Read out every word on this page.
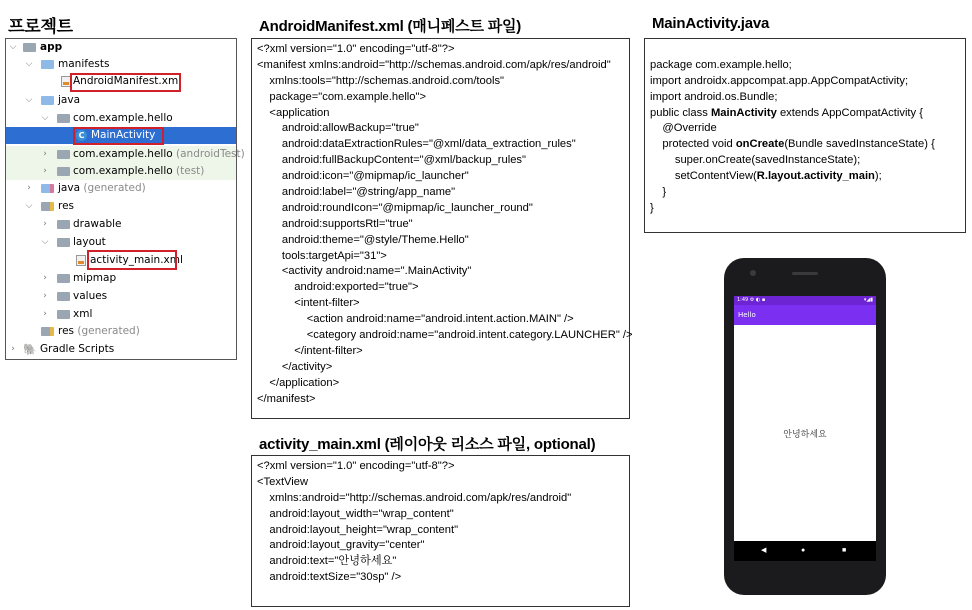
프로젝트	AndroidManifest.xml (매니페스트 파일)
activity_main.xml (레이아웃 리소스 파일, optional)
MainActivity.java
⌵ app
⌵ manifests
AndroidManifest.xml
⌵ java
⌵ com.example.hello
C MainActivity
› com.example.hello (androidTest)
› com.example.hello (test)
›	java (generated)
⌵ res
› drawable
⌵ layout
activity_main.xml
› mipmap
› values
› xml
res (generated)
› 🐘 Gradle Scripts
<?xml version="1.0" encoding="utf-8"?>
<manifest xmlns:android="http://schemas.android.com/apk/res/android"
xmlns:tools="http://schemas.android.com/tools"
package="com.example.hello">
<application
android:allowBackup="true"
android:dataExtractionRules="@xml/data_extraction_rules"
android:fullBackupContent="@xml/backup_rules"
android:icon="@mipmap/ic_launcher"
android:label="@string/app_name"
android:roundIcon="@mipmap/ic_launcher_round"
android:supportsRtl="true"
android:theme="@style/Theme.Hello"
tools:targetApi="31">
<activity android:name=".MainActivity"
android:exported="true">
<intent-filter>
<action android:name="android.intent.action.MAIN" />
<category android:name="android.intent.category.LAUNCHER" />
</intent-filter>
</activity>
</application>
</manifest>
<?xml version="1.0" encoding="utf-8"?>
<TextView
xmlns:android="http://schemas.android.com/apk/res/android"
android:layout_width="wrap_content"
android:layout_height="wrap_content"
android:layout_gravity="center"
android:text="안녕하세요"
android:textSize="30sp" />

package com.example.hello;
import androidx.appcompat.app.AppCompatActivity;
import android.os.Bundle;
public class MainActivity extends AppCompatActivity {
@Override
protected void onCreate(Bundle savedInstanceState) {
super.onCreate(savedInstanceState);
setContentView(R.layout.activity_main);
}
}

1:49 ⚙ ◐ ▪	▾◢▮
Hello
안녕하세요
◀	●	■
